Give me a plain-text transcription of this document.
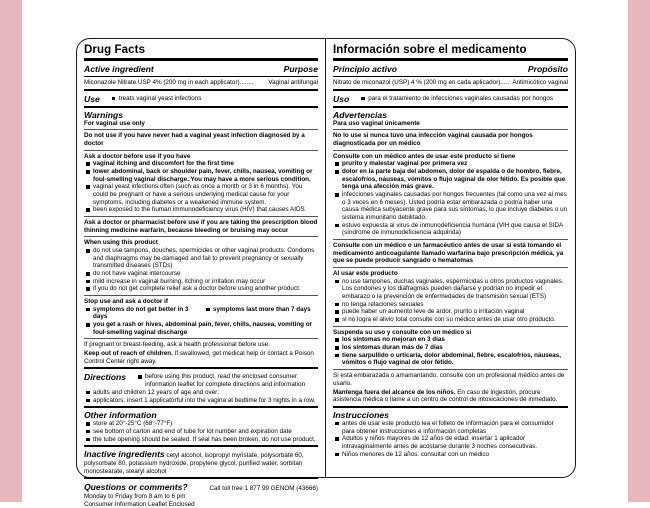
Drug Facts
Active ingredient	Purpose
Miconazole Nitrate USP 4% (200 mg in each applicator)........ Vaginal antifungal
Use	treats vaginal yeast infections
Warnings
For vaginal use only
Do not use if you have never had a vaginal yeast infection diagnosed by a doctor
Ask a doctor before use if you have
vaginal itching and discomfort for the first time
lower abdominal, back or shoulder pain, fever, chills, nausea, vomiting or foul-smelling vaginal discharge. You may have a more serious condition.
vaginal yeast infections often (such as once a month or 3 in 6 months). You could be pregnant or have a serious underlying medical cause for your symptoms, including diabetes or a weakened immune system.
been exposed to the human immunodeficiency virus (HIV) that causes AIDS
Ask a doctor or pharmacist before use if you are taking the prescription blood thinning medicine warfarin, because bleeding or bruising may occur
When using this product
do not use tampons, douches, spermicides or other vaginal products. Condoms and diaphragms may be damaged and fail to prevent pregnancy or sexually transmitted diseases (STDs)
do not have vaginal intercourse
mild increase in vaginal burning, itching or irritation may occur
if you do not get complete relief ask a doctor before using another product.
Stop use and ask a doctor if
symptoms do not get better in 3 days
symptoms last more than 7 days
you get a rash or hives, abdominal pain, fever, chills, nausea, vomiting or foul-smelling vaginal discharge
If pregnant or breast-feeding, ask a health professional before use.
Keep out of reach of children. If swallowed, get medical help or contact a Poison Control Center right away.
Directions	before using this product, read the enclosed consumer information leaflet for complete directions and information
adults and children 12 years of age and over:
applicators: insert 1 applicatorful into the vagina at bedtime for 3 nights in a row.
Other information
store at 20°-25°C (68°-77°F)
see bottom of carton and end of tube for lot number and expiration date
the tube opening should be sealed. If seal has been broken, do not use product.
Inactive ingredients cetyl alcohol, isopropyl myristate, polysorbate 60, polysorbate 80, potassium hydroxide, propylene glycol, purified water, sorbitan monostearate, stearyl alcohol
Questions or comments?	Call toll free 1 877 99 GENOM (43666)
Monday to Friday from 8 am to 6 pm
Consumer Information Leaflet Enclosed
Información sobre el medicamento
Principio activo	Propósito
Nitrato de miconazol (USP) 4 % (200 mg en cada aplicador)..... Antimicótico vaginal
Uso	para el tratamiento de infecciones vaginales causadas por hongos
Advertencias
Para uso vaginal únicamente
No lo use si nunca tuvo una infección vaginal causada por hongos diagnosticada por un médico
Consulte con un médico antes de usar este producto si tiene
prurito y malestar vaginal por primera vez
dolor en la parte baja del abdomen, dolor de espalda o de hombro, fiebre, escalofríos, náuseas, vómitos o flujo vaginal de olor fétido. Es posible que tenga una afección más grave.
infecciones vaginales causadas por hongos frecuentes (tal como una vez al mes o 3 veces en 6 meses). Usted podría estar embarazada o podría haber una causa médica subyacente grave para sus síntomas, lo que incluye diabetes o un sistema inmunitario debilitado.
estuvo expuesta al virus de inmunodeficiencia humana (VIH que causa el SIDA (síndrome de inmunodeficiencia adquirida)
Consulte con un médico o un farmacéutico antes de usar si está tomando el medicamento anticoagulante llamado warfarina bajo prescripción médica, ya que se puede producir sangrado o hematomas
Al usar este producto
no use tampones, duchas vaginales, espermicidas u otros productos vaginales. Los condones y los diafragmas pueden dañarse y podrían no impedir el embarazo o la prevención de enfermedades de transmisión sexual (ETS)
no tenga relaciones sexuales
puede haber un aumento leve de ardor, prurito o irritación vaginal
si no logra el alivio total consulte con su médico antes de usar otro producto.
Suspenda su uso y consulte con un médico si
los síntomas no mejoran en 3 días
los síntomas duran más de 7 días
tiene sarpullido o urticaria, dolor abdominal, fiebre, escalofríos, náuseas, vómitos o flujo vaginal de olor fétido.
Si está embarazada o amamantando, consulte con un profesional médico antes de usarlo.
Mantenga fuera del alcance de los niños. En caso de ingestión, procure asistencia médica o llame a un centro de control de intoxicaciones de inmediato.
Instrucciones
antes de usar este producto lea el folleto de información para el consumidor para obtener instrucciones e información completas
Adultos y niños mayores de 12 años de edad: insertar 1 aplicador intravaginalmente antes de acostarse durante 3 noches consecutivas.
Niños menores de 12 años: consultar con un médico
